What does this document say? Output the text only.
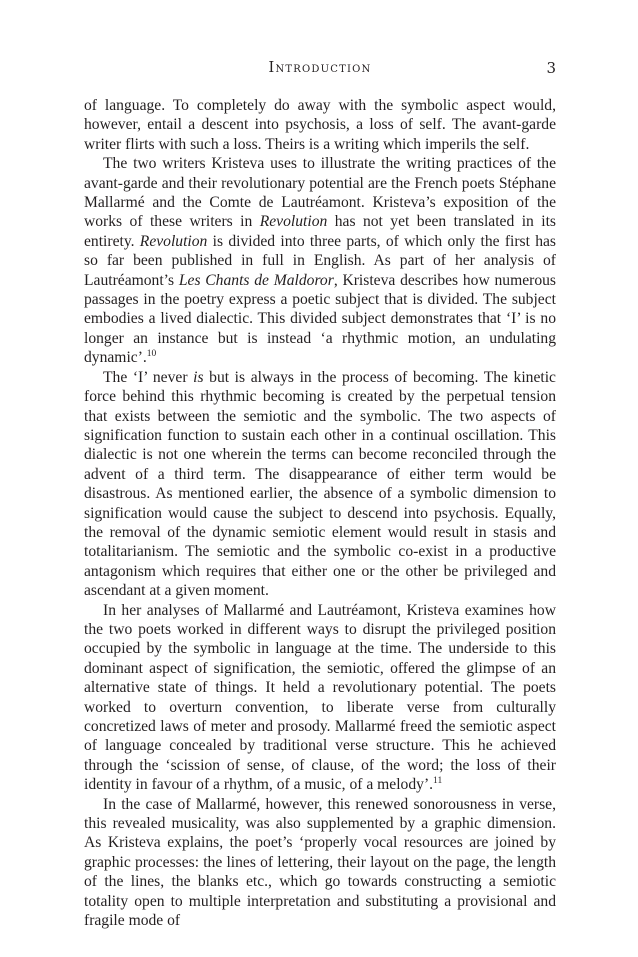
Introduction	3

of language. To completely do away with the symbolic aspect would, however, entail a descent into psychosis, a loss of self. The avant-garde writer flirts with such a loss. Theirs is a writing which imperils the self.

The two writers Kristeva uses to illustrate the writing practices of the avant-garde and their revolutionary potential are the French poets Stéphane Mallarmé and the Comte de Lautréamont. Kristeva’s exposition of the works of these writers in Revolution has not yet been translated in its entirety. Revolution is divided into three parts, of which only the first has so far been published in full in English. As part of her analysis of Lautréamont’s Les Chants de Maldoror, Kristeva describes how numerous passages in the poetry express a poetic subject that is divided. The subject embodies a lived dialectic. This divided subject demonstrates that ‘I’ is no longer an instance but is instead ‘a rhythmic motion, an undulating dynamic’.$^{10}$

The ‘I’ never is but is always in the process of becoming. The kinetic force behind this rhythmic becoming is created by the perpetual tension that exists between the semiotic and the symbolic. The two aspects of signification function to sustain each other in a continual oscillation. This dialectic is not one wherein the terms can become reconciled through the advent of a third term. The disappearance of either term would be disastrous. As mentioned earlier, the absence of a symbolic dimension to signification would cause the subject to descend into psychosis. Equally, the removal of the dynamic semiotic element would result in stasis and totalitarianism. The semiotic and the symbolic co-exist in a productive antagonism which requires that either one or the other be privileged and ascendant at a given moment.

In her analyses of Mallarmé and Lautréamont, Kristeva examines how the two poets worked in different ways to disrupt the privileged position occupied by the symbolic in language at the time. The underside to this dominant aspect of signification, the semiotic, offered the glimpse of an alternative state of things. It held a revolutionary potential. The poets worked to overturn convention, to liberate verse from culturally concretized laws of meter and prosody. Mallarmé freed the semiotic aspect of language concealed by traditional verse structure. This he achieved through the ‘scission of sense, of clause, of the word; the loss of their identity in favour of a rhythm, of a music, of a melody’.$^{11}$

In the case of Mallarmé, however, this renewed sonorousness in verse, this revealed musicality, was also supplemented by a graphic dimension. As Kristeva explains, the poet’s ‘properly vocal resources are joined by graphic processes: the lines of lettering, their layout on the page, the length of the lines, the blanks etc., which go towards constructing a semiotic totality open to multiple interpretation and substituting a provisional and fragile mode of
